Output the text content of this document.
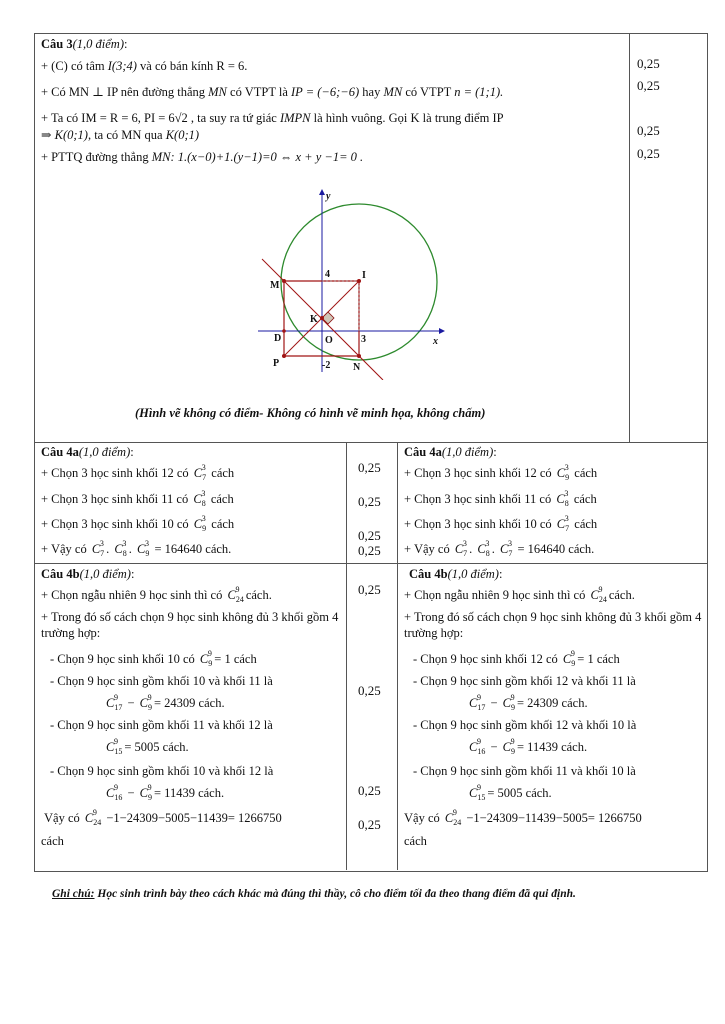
Câu 3(1,0 điểm):
+ (C) có tâm I(3;4) và có bán kính R = 6.
+ Có MN ⊥ IP nên đường thẳng MN có VTPT là IP = (−6;−6) hay MN có VTPT n = (1;1).
+ Ta có IM = R = 6, PI = 6√2 , ta suy ra tứ giác IMPN là hình vuông. Gọi K là trung điểm IP
⇒ K(0;1), ta có MN qua K(0;1)
+ PTTQ đường thẳng MN: 1.(x−0)+1.(y−1)=0 ⇔ x + y −1= 0 .
0,25
0,25
0,25
0,25
y
x
4
3
-2
O
I
M
K
D
P	N
(Hình vẽ không có điểm- Không có hình vẽ minh họa, không chấm)
Câu 4a(1,0 điểm):
+ Chọn 3 học sinh khối 12 có C 3
$_7$ cách
+ Chọn 3 học sinh khối 11 có C 3
$_8$ cách
+ Chọn 3 học sinh khối 10 có C 3
$_9$ cách
+ Vậy có C 3
$_7$ . C 3
$_8$ . C 3
$_9$ = 164640 cách.
0,25
0,25
0,25
0,25
Câu 4a(1,0 điểm):
+ Chọn 3 học sinh khối 12 có C 3
$_9$ cách
+ Chọn 3 học sinh khối 11 có C 3
$_8$ cách
+ Chọn 3 học sinh khối 10 có C 3
$_7$ cách
+ Vậy có C 3
$_7$ . C 3
$_8$ . C 3
$_7$ = 164640 cách.
Câu 4b(1,0 điểm):
+ Chọn ngẫu nhiên 9 học sinh thì có C 9
$_{24}$ cách.
+ Trong đó số cách chọn 9 học sinh không đủ 3 khối gồm 4 trường hợp:
- Chọn 9 học sinh khối 10 có C 9
$_9$ = 1 cách
- Chọn 9 học sinh gồm khối 10 và khối 11 là
C 9
$_{17}$ − C 9
$_9$ = 24309 cách.
- Chọn 9 học sinh gồm khối 11 và khối 12 là
C 9
$_{15}$ = 5005 cách.
- Chọn 9 học sinh gồm khối 10 và khối 12 là
C 9
$_{16}$ − C 9
$_9$ = 11439 cách.
Vậy có C 9
$_{24}$ −1−24309−5005−11439= 1266750
cách
0,25
0,25
0,25
0,25
Câu 4b(1,0 điểm):
+ Chọn ngẫu nhiên 9 học sinh thì có C 9
$_{24}$ cách.
+ Trong đó số cách chọn 9 học sinh không đủ 3 khối gồm 4 trường hợp:
- Chọn 9 học sinh khối 12 có C 9
$_9$ = 1 cách
- Chọn 9 học sinh gồm khối 12 và khối 11 là
C 9
$_{17}$ − C 9
$_9$ = 24309 cách.
- Chọn 9 học sinh gồm khối 12 và khối 10 là
C 9
$_{16}$ − C 9
$_9$ = 11439 cách.
- Chọn 9 học sinh gồm khối 11 và khối 10 là
C 9
$_{15}$ = 5005 cách.
Vậy có C 9
$_{24}$ −1−24309−11439−5005= 1266750
cách
Ghi chú: Học sinh trình bày theo cách khác mà đúng thì thầy, cô cho điểm tối đa theo thang điểm đã qui định.
